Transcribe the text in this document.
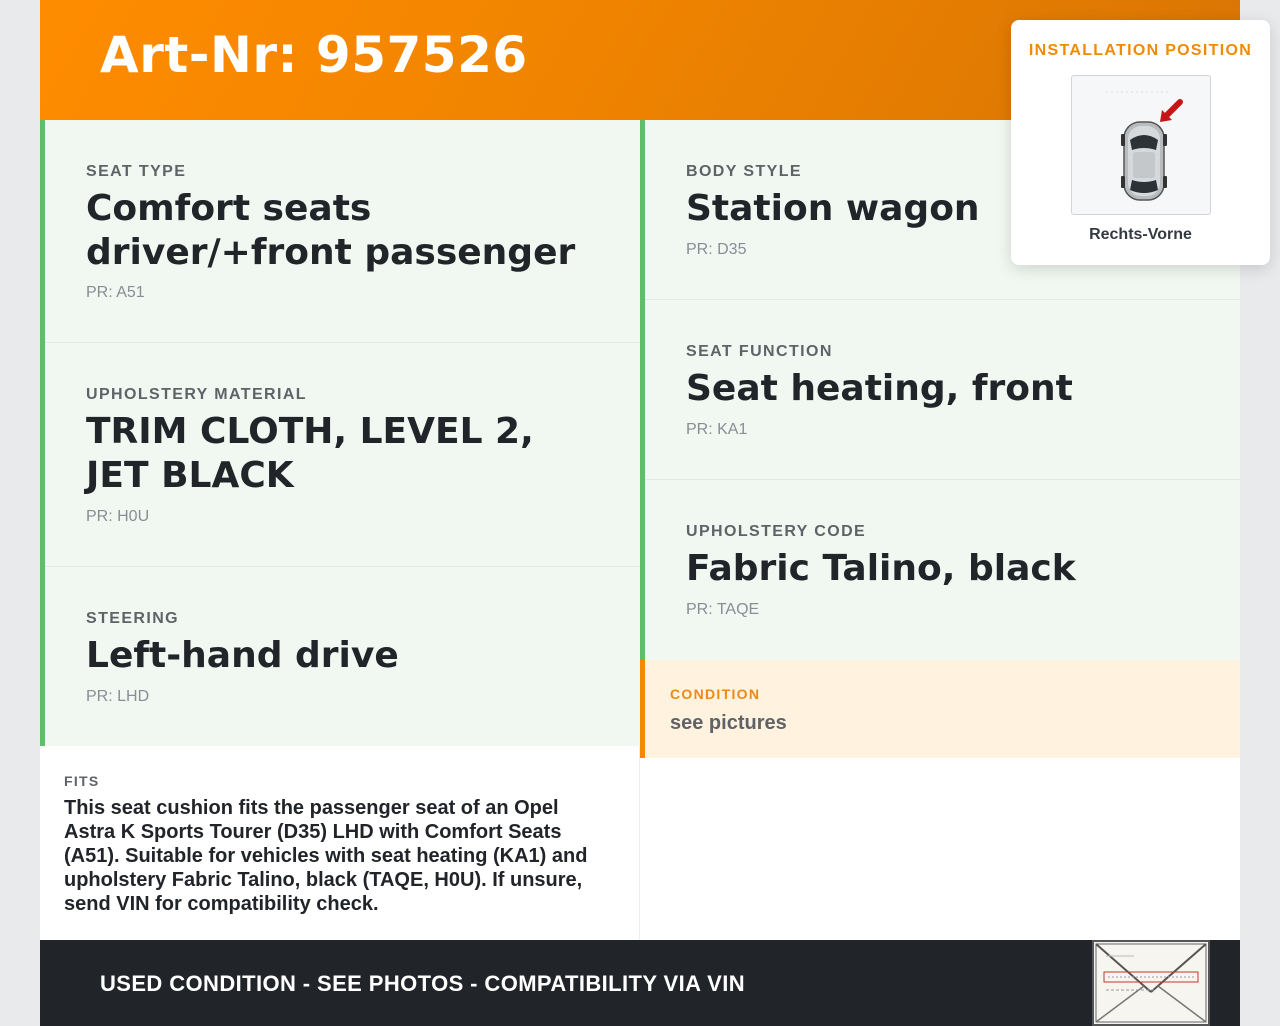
Art-Nr: 957526
SEAT TYPE
Comfort seats driver/+front passenger
PR: A51
UPHOLSTERY MATERIAL
TRIM CLOTH, LEVEL 2, JET BLACK
PR: H0U
STEERING
Left-hand drive
PR: LHD
BODY STYLE
Station wagon
PR: D35
SEAT FUNCTION
Seat heating, front
PR: KA1
UPHOLSTERY CODE
Fabric Talino, black
PR: TAQE
CONDITION
see pictures
FITS
This seat cushion fits the passenger seat of an Opel Astra K Sports Tourer (D35) LHD with Comfort Seats (A51). Suitable for vehicles with seat heating (KA1) and upholstery Fabric Talino, black (TAQE, H0U). If unsure, send VIN for compatibility check.
USED CONDITION - SEE PHOTOS - COMPATIBILITY VIA VIN
INSTALLATION POSITION
Rechts-Vorne
